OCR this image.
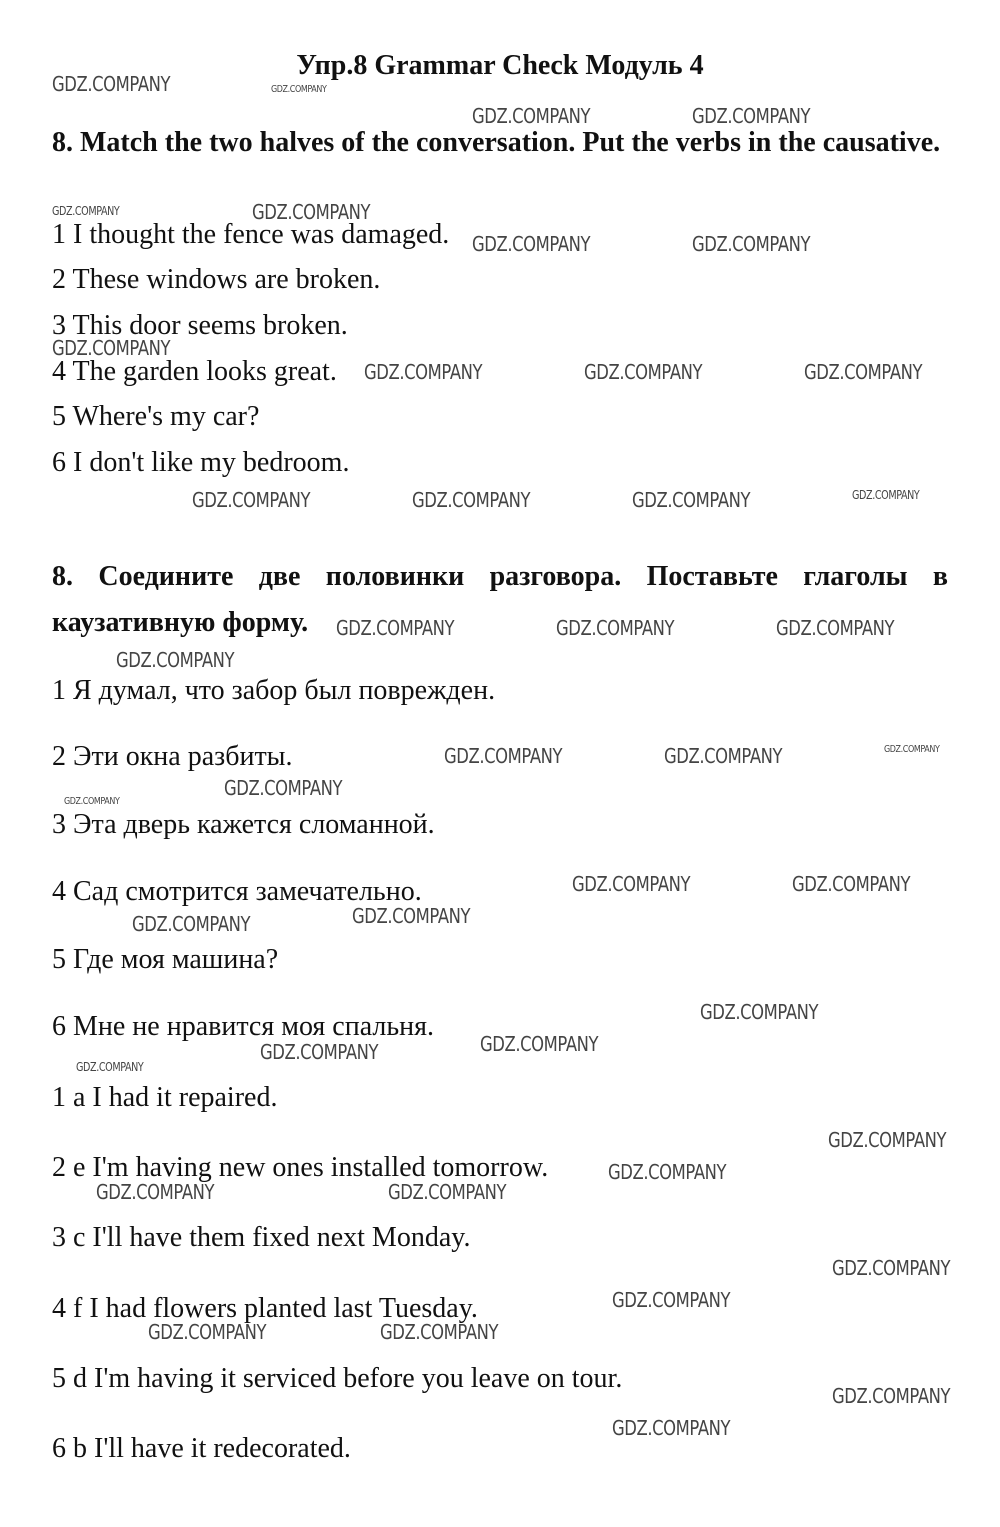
Упр.8 Grammar Check Модуль 4
8. Match the two halves of the conversation. Put the verbs in the causative.
1 I thought the fence was damaged.
2 These windows are broken.
3 This door seems broken.
4 The garden looks great.
5 Where's my car?
6 I don't like my bedroom.
8. Соедините две половинки разговора. Поставьте глаголы в каузативную форму.
1 Я думал, что забор был поврежден.
2 Эти окна разбиты.
3 Эта дверь кажется сломанной.
4 Сад смотрится замечательно.
5 Где моя машина?
6 Мне не нравится моя спальня.
1 a I had it repaired.
2 e I'm having new ones installed tomorrow.
3 c I'll have them fixed next Monday.
4 f I had flowers planted last Tuesday.
5 d I'm having it serviced before you leave on tour.
6 b I'll have it redecorated.
GDZ.COMPANY	GDZ.COMPANY
GDZ.COMPANY	GDZ.COMPANY
GDZ.COMPANY	GDZ.COMPANY
GDZ.COMPANY	GDZ.COMPANY
GDZ.COMPANY
GDZ.COMPANY	GDZ.COMPANY	GDZ.COMPANY
GDZ.COMPANY	GDZ.COMPANY	GDZ.COMPANY	GDZ.COMPANY
GDZ.COMPANY	GDZ.COMPANY	GDZ.COMPANY
GDZ.COMPANY
GDZ.COMPANY	GDZ.COMPANY	GDZ.COMPANY
GDZ.COMPANY
GDZ.COMPANY
GDZ.COMPANY	GDZ.COMPANY
GDZ.COMPANY
GDZ.COMPANY
GDZ.COMPANY
GDZ.COMPANY
GDZ.COMPANY
GDZ.COMPANY
GDZ.COMPANY
GDZ.COMPANY
GDZ.COMPANY	GDZ.COMPANY
GDZ.COMPANY
GDZ.COMPANY
GDZ.COMPANY	GDZ.COMPANY
GDZ.COMPANY
GDZ.COMPANY
